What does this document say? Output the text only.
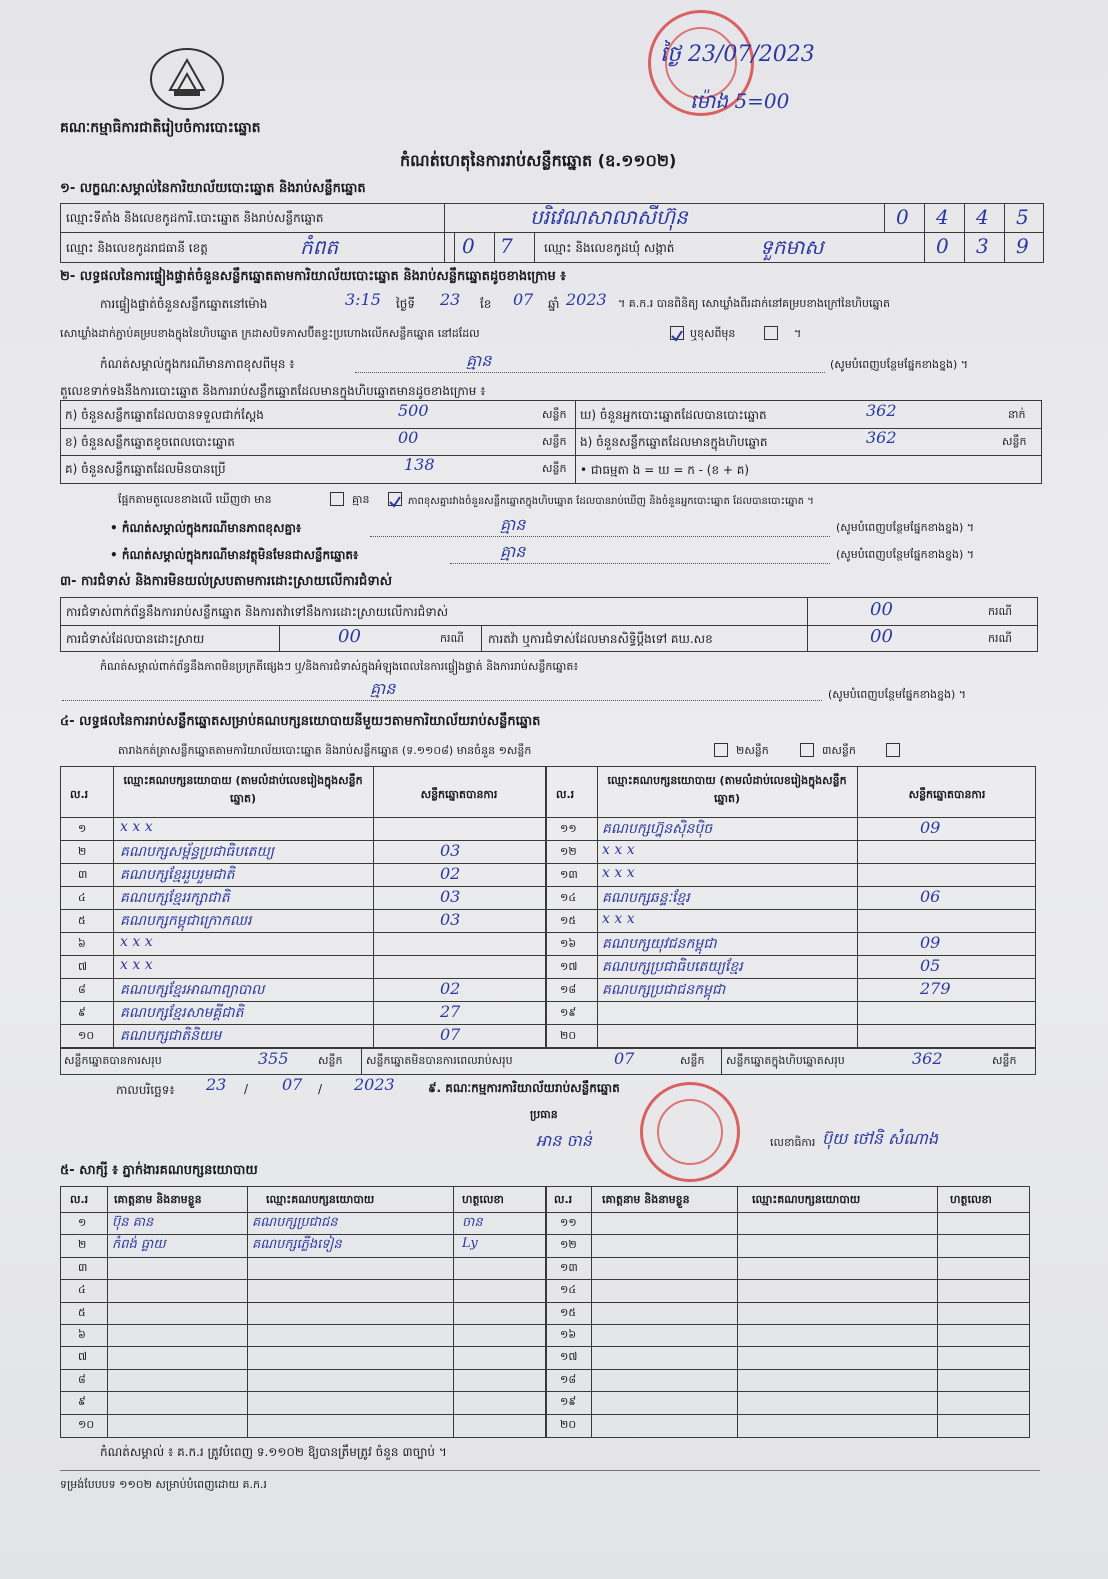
គណៈកម្មាធិការជាតិរៀបចំការបោះឆ្នោត
កំណត់ហេតុនៃការរាប់សន្លឹកឆ្នោត (ឧ.១១០២)
ថ្ងៃ 23/07/2023
ម៉ោង 5=00
១- លក្ខណៈសម្គាល់នៃការិយាល័យបោះឆ្នោត និងរាប់សន្លឹកឆ្នោត
ឈ្មោះទីតាំង និងលេខកូដការិ.បោះឆ្នោត និងរាប់សន្លឹកឆ្នោត	បរិវេណសាលាសីហ៊ុន	0 4 4 5
ឈ្មោះ និងលេខកូដរាជធានី ខេត្ត	កំពត	0 7	ឈ្មោះ និងលេខកូដឃុំ សង្កាត់	ទួកមាស	0 3 9
២- លទ្ធផលនៃការផ្ទៀងផ្ទាត់ចំនួនសន្លឹកឆ្នោតតាមការិយាល័យបោះឆ្នោត និងរាប់សន្លឹកឆ្នោតដូចខាងក្រោម ៖
ការផ្ទៀងផ្ទាត់ចំនួនសន្លឹកឆ្នោតនៅម៉ោង	3:15 ថ្ងៃទី 23 ខែ 07 ឆ្នាំ 2023 ។ គ.ក.រ បានពិនិត្យ សោឃ្លាំងពីរដាក់នៅគម្របខាងក្រៅនៃហិបឆ្នោត
សោឃ្លាំងដាក់ភ្ជាប់គម្របខាងក្នុងនៃហិបឆ្នោត ក្រដាសបិទភាសប៊ីតខ្ទះប្រហោងលើកសន្លឹកឆ្នោត នៅដដែល	ឬខុសពីមុន	។
កំណត់សម្គាល់ក្នុងករណីមានភាពខុសពីមុន ៖	គ្មាន	(សូមបំពេញបន្ថែមផ្នែកខាងខ្នង) ។
តួលេខទាក់ទងនឹងការបោះឆ្នោត និងការរាប់សន្លឹកឆ្នោតដែលមានក្នុងហិបឆ្នោតមានដូចខាងក្រោម ៖
ក) ចំនួនសន្លឹកឆ្នោតដែលបានទទួលជាក់ស្តែង	500	សន្លឹក
ខ) ចំនួនសន្លឹកឆ្នោតខូចពេលបោះឆ្នោត	00	សន្លឹក
គ) ចំនួនសន្លឹកឆ្នោតដែលមិនបានប្រើ	138	សន្លឹក
ឃ) ចំនួនអ្នកបោះឆ្នោតដែលបានបោះឆ្នោត	362	នាក់
ង) ចំនួនសន្លឹកឆ្នោតដែលមានក្នុងហិបឆ្នោត	362	សន្លឹក
• ជាធម្មតា ង = ឃ = ក - (ខ + គ)
ផ្អែកតាមតួលេខខាងលើ ឃើញថា មាន	គ្មាន	ភាពខុសគ្នារវាងចំនួនសន្លឹកឆ្នោតក្នុងហិបឆ្នោត ដែលបានរាប់ឃើញ និងចំនួនអ្នកបោះឆ្នោត ដែលបានបោះឆ្នោត ។
• កំណត់សម្គាល់ក្នុងករណីមានភាពខុសគ្នា៖	គ្មាន	(សូមបំពេញបន្ថែមផ្នែកខាងខ្នង) ។
• កំណត់សម្គាល់ក្នុងករណីមានវត្ថុមិនមែនជាសន្លឹកឆ្នោត៖	គ្មាន	(សូមបំពេញបន្ថែមផ្នែកខាងខ្នង) ។
៣- ការជំទាស់ និងការមិនយល់ស្របតាមការដោះស្រាយលើការជំទាស់
ការជំទាស់ពាក់ព័ន្ធនឹងការរាប់សន្លឹកឆ្នោត និងការតវ៉ាទៅនឹងការដោះស្រាយលើការជំទាស់	00	ករណី
ការជំទាស់ដែលបានដោះស្រាយ	00	ករណី ការតវ៉ា ឬការជំទាស់ដែលមានសិទ្ធិប្តឹងទៅ គឃ.សខ	00	ករណី
កំណត់សម្គាល់ពាក់ព័ន្ធនឹងភាពមិនប្រក្រតីផ្សេងៗ ឬ/និងការជំទាស់ក្នុងអំឡុងពេលនៃការផ្ទៀងផ្ទាត់ និងការរាប់សន្លឹកឆ្នោត៖
គ្មាន	(សូមបំពេញបន្ថែមផ្នែកខាងខ្នង) ។
៤- លទ្ធផលនៃការរាប់សន្លឹកឆ្នោតសម្រាប់គណបក្សនយោបាយនីមួយៗតាមការិយាល័យរាប់សន្លឹកឆ្នោត
តារាងកត់ត្រាសន្លឹកឆ្នោតតាមការិយាល័យបោះឆ្នោត និងរាប់សន្លឹកឆ្នោត (ទ.១១០៨) មានចំនួន ១សន្លឹក	២សន្លឹក	៣សន្លឹក
ល.រ
ឈ្មោះគណបក្សនយោបាយ (តាមលំដាប់លេខរៀងក្នុងសន្លឹកឆ្នោត)	សន្លឹកឆ្នោតបានការ	ល.រ
ឈ្មោះគណបក្សនយោបាយ (តាមលំដាប់លេខរៀងក្នុងសន្លឹកឆ្នោត)	សន្លឹកឆ្នោតបានការ
១ x x x
២ គណបក្សសម្ព័ន្ធប្រជាធិបតេយ្យ	03
៣ គណបក្សខ្មែររួបរួមជាតិ	02
៤ គណបក្សខ្មែររក្សាជាតិ	03
៥ គណបក្សកម្ពុជាក្រោកឈរ	03
៦ x x x
៧ x x x
៨ គណបក្សខ្មែរអាណាព្យាបាល	02
៩ គណបក្សខ្មែរសាមគ្គីជាតិ	27
១០ គណបក្សជាតិនិយម	07
១១ គណបក្សហ្វ៊ុនស៊ិនប៉ិច	09
១២ x x x
១៣ x x x
១៤ គណបក្សឆន្ទៈខ្មែរ	06
១៥ x x x
១៦ គណបក្សយុវជនកម្ពុជា	09
១៧ គណបក្សប្រជាធិបតេយ្យខ្មែរ	05
១៨ គណបក្សប្រជាជនកម្ពុជា	279
១៩
២០
សន្លឹកឆ្នោតបានការសរុប	355	សន្លឹក សន្លឹកឆ្នោតមិនបានការពេលរាប់សរុប	07	សន្លឹក សន្លឹកឆ្នោតក្នុងហិបឆ្នោតសរុប	362	សន្លឹក
កាលបរិច្ឆេទ៖ 23 / 07 / 2023	៩. គណៈកម្មការការិយាល័យរាប់សន្លឹកឆ្នោត
ប្រធាន
អាន ចាន់	លេខាធិការ ប៊ុយ ថៅនិ សំណាង
៥- សាក្សី ៖ ភ្នាក់ងារគណបក្សនយោបាយ
ល.រ គោត្តនាម និងនាមខ្លួន	ឈ្មោះគណបក្សនយោបាយ	ហត្ថលេខា	ល.រ	គោត្តនាម និងនាមខ្លួន	ឈ្មោះគណបក្សនយោបាយ	ហត្ថលេខា
១ ប៊ុន គាន	គណបក្សប្រជាជន	ចាន
២ កំពង់ ធ្លាយ	គណបក្សភ្លើងទៀន	Ly
៣
៤
៥
៦
៧
៨
៩
១០
១១
១២
១៣
១៤
១៥
១៦
១៧
១៨
១៩
២០
កំណត់សម្គាល់ ៖ គ.ក.រ ត្រូវបំពេញ ទ.១១០២ ឱ្យបានត្រឹមត្រូវ ចំនួន ៣ច្បាប់ ។
ទម្រង់បែបបទ ១១០២ សម្រាប់បំពេញដោយ គ.ក.រ
